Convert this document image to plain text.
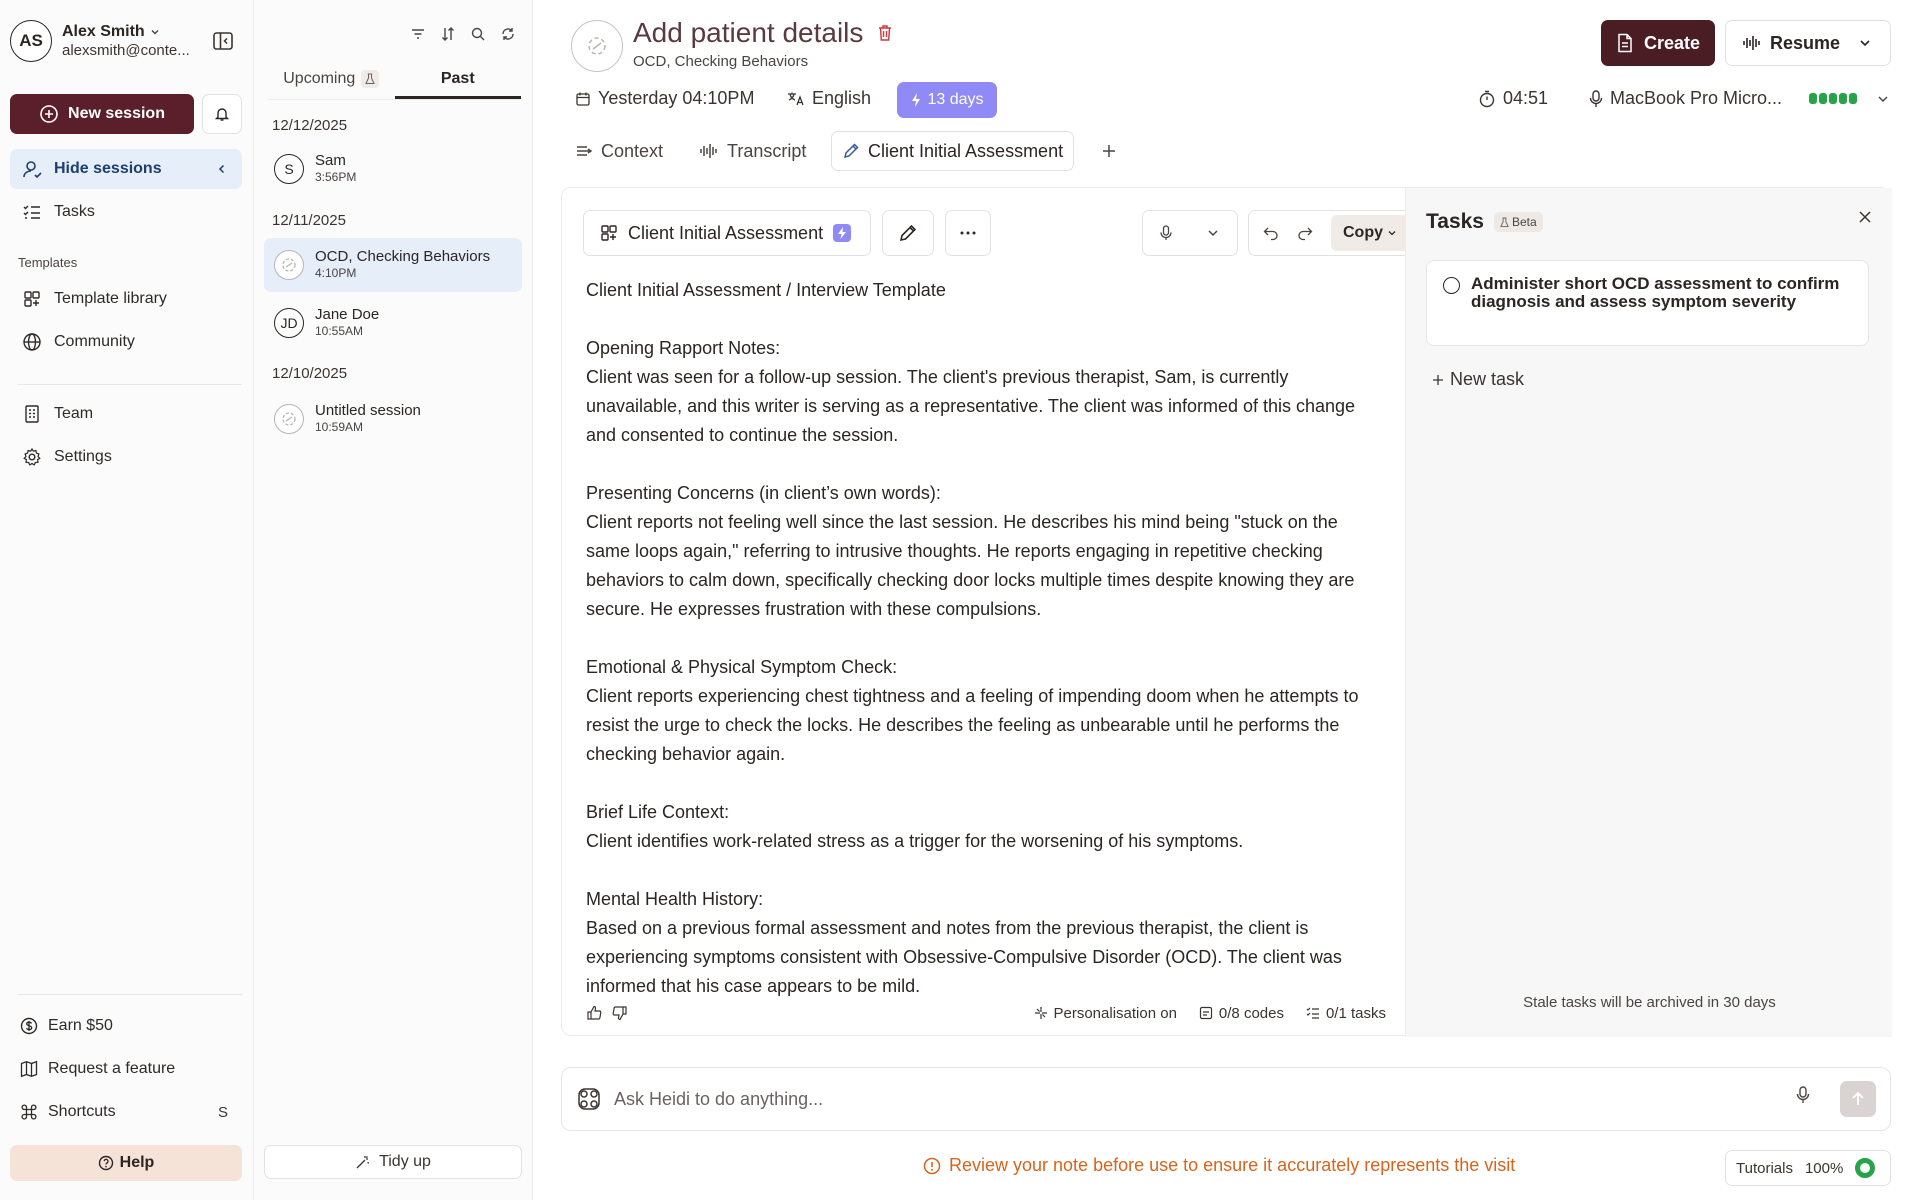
AS	Alex Smith
alexsmith@conte...
New session
Hide sessions
Tasks
Templates
Template library
Community
Team
Settings
Earn $50
Request a feature
Shortcuts	S
Help
Upcoming	Past
12/12/2025
S	Sam
3:56PM
12/11/2025
OCD, Checking Behaviors
4:10PM
JD	Jane Doe
10:55AM
12/10/2025
Untitled session
10:59AM
Tidy up
Add patient details
OCD, Checking Behaviors
Create	Resume
Yesterday 04:10PM	English	13 days	04:51	MacBook Pro Micro...
Context	Transcript	Client Initial Assessment
Client Initial Assessment	Copy
Client Initial Assessment / Interview Template

Opening Rapport Notes:
Client was seen for a follow-up session. The client's previous therapist, Sam, is currently unavailable, and this writer is serving as a representative. The client was informed of this change and consented to continue the session.

Presenting Concerns (in client’s own words):
Client reports not feeling well since the last session. He describes his mind being "stuck on the same loops again," referring to intrusive thoughts. He reports engaging in repetitive checking behaviors to calm down, specifically checking door locks multiple times despite knowing they are secure. He expresses frustration with these compulsions.

Emotional & Physical Symptom Check:
Client reports experiencing chest tightness and a feeling of impending doom when he attempts to resist the urge to check the locks. He describes the feeling as unbearable until he performs the checking behavior again.

Brief Life Context:
Client identifies work-related stress as a trigger for the worsening of his symptoms.

Mental Health History:
Based on a previous formal assessment and notes from the previous therapist, the client is experiencing symptoms consistent with Obsessive-Compulsive Disorder (OCD). The client was informed that his case appears to be mild.
Personalisation on	0/8 codes	0/1 tasks
Tasks Beta
Administer short OCD assessment to confirm diagnosis and assess symptom severity
New task
Stale tasks will be archived in 30 days
Ask Heidi to do anything...
Review your note before use to ensure it accurately represents the visit	Tutorials 100%
